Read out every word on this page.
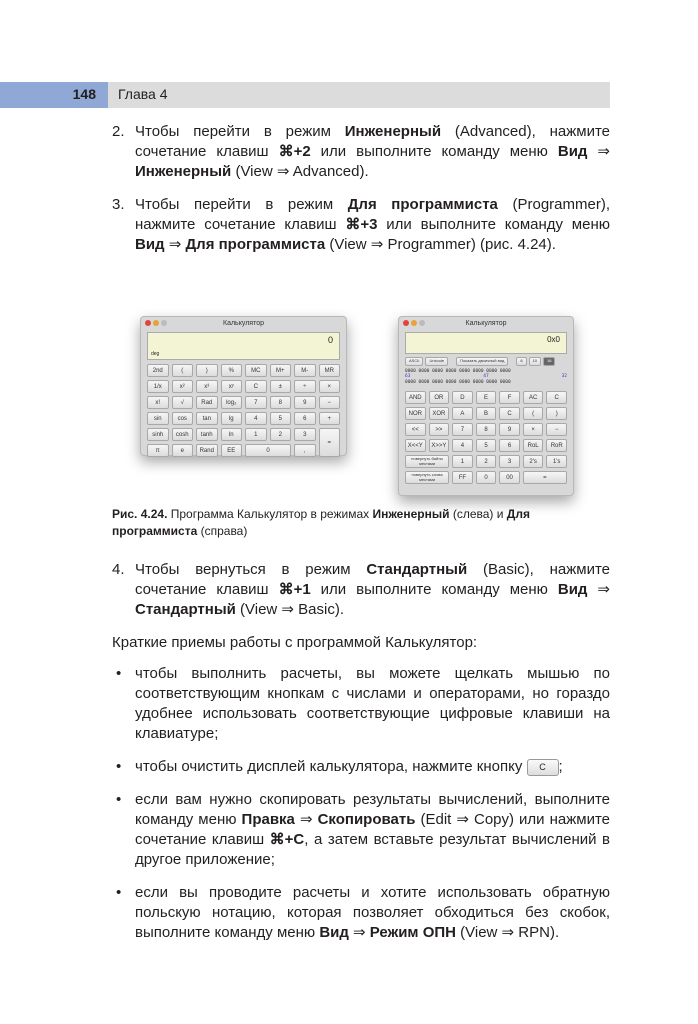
148 Глава 4
2. Чтобы перейти в режим Инженерный (Advanced), нажмите сочетание клавиш ⌘+2 или выполните команду меню Вид ⇒ Инженерный (View ⇒ Advanced).
3. Чтобы перейти в режим Для программиста (Programmer), нажмите сочетание клавиш ⌘+3 или выполните команду меню Вид ⇒ Для программиста (View ⇒ Programmer) (рис. 4.24).
Калькулятор
0
deg
2nd	(	)	%	MC	M+	M-	MR
1/x	x²	x³	xʸ	C	±	÷	×
x!	√	Rad	log₂	7	8	9	−
sin	cos	tan	lg	4	5	6	+
sinh	cosh	tanh	ln	1	2	3
=
π	e	Rand	EE	0	,
Калькулятор
0x0
ASCII	Unicode	Показать двоичный вид	8	10	16
0000 0000 0000 0000 0000 0000 0000 0000
63	47	32
0000 0000 0000 0000 0000 0000 0000 0000
AND	OR	D	E	F	AC	C
NOR	XOR	A	B	C	(	)
<<	>>	7	8	9	×	−
X<<Y	X>>Y	4	5	6	RoL	RoR
повернуть байты местами	1	2	3	2's	1's
повернуть слова местами	FF	0	00	=
Рис. 4.24. Программа Калькулятор в режимах Инженерный (слева) и Для программиста (справа)
4. Чтобы вернуться в режим Стандартный (Basic), нажмите сочетание клавиш ⌘+1 или выполните команду меню Вид ⇒ Стандартный (View ⇒ Basic).
Краткие приемы работы с программой Калькулятор:
• чтобы выполнить расчеты, вы можете щелкать мышью по соответствующим кнопкам с числами и операторами, но гораздо удобнее использовать соответствующие цифровые клавиши на клавиатуре;
• чтобы очистить дисплей калькулятора, нажмите кнопку C ;
• если вам нужно скопировать результаты вычислений, выполните команду меню Правка ⇒ Скопировать (Edit ⇒ Copy) или нажмите сочетание клавиш ⌘+C, а затем вставьте результат вычислений в другое приложение;
• если вы проводите расчеты и хотите использовать обратную польскую нотацию, которая позволяет обходиться без скобок, выполните команду меню Вид ⇒ Режим ОПН (View ⇒ RPN).
